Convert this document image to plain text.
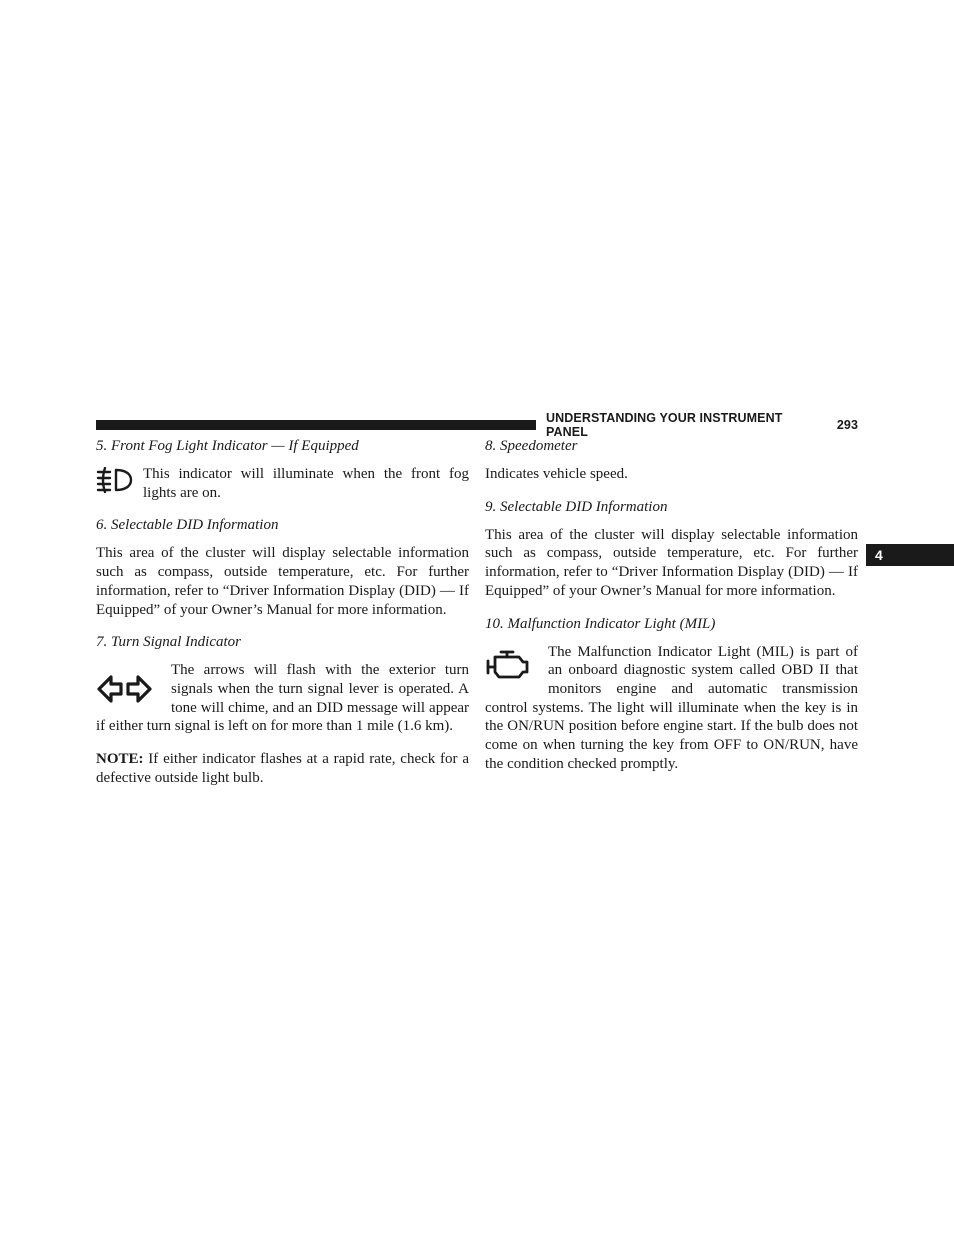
UNDERSTANDING YOUR INSTRUMENT PANEL	293
4

5. Front Fog Light Indicator — If Equipped

This indicator will illuminate when the front fog lights are on.

6. Selectable DID Information

This area of the cluster will display selectable information such as compass, outside temperature, etc. For further information, refer to “Driver Information Display (DID) — If Equipped” of your Owner’s Manual for more information.

7. Turn Signal Indicator

The arrows will flash with the exterior turn signals when the turn signal lever is operated. A tone will chime, and an DID message will appear if either turn signal is left on for more than 1 mile (1.6 km).

NOTE: If either indicator flashes at a rapid rate, check for a defective outside light bulb.

8. Speedometer

Indicates vehicle speed.

9. Selectable DID Information

This area of the cluster will display selectable information such as compass, outside temperature, etc. For further information, refer to “Driver Information Display (DID) — If Equipped” of your Owner’s Manual for more information.

10. Malfunction Indicator Light (MIL)

The Malfunction Indicator Light (MIL) is part of an onboard diagnostic system called OBD II that monitors engine and automatic transmission control systems. The light will illuminate when the key is in the ON/RUN position before engine start. If the bulb does not come on when turning the key from OFF to ON/RUN, have the condition checked promptly.
